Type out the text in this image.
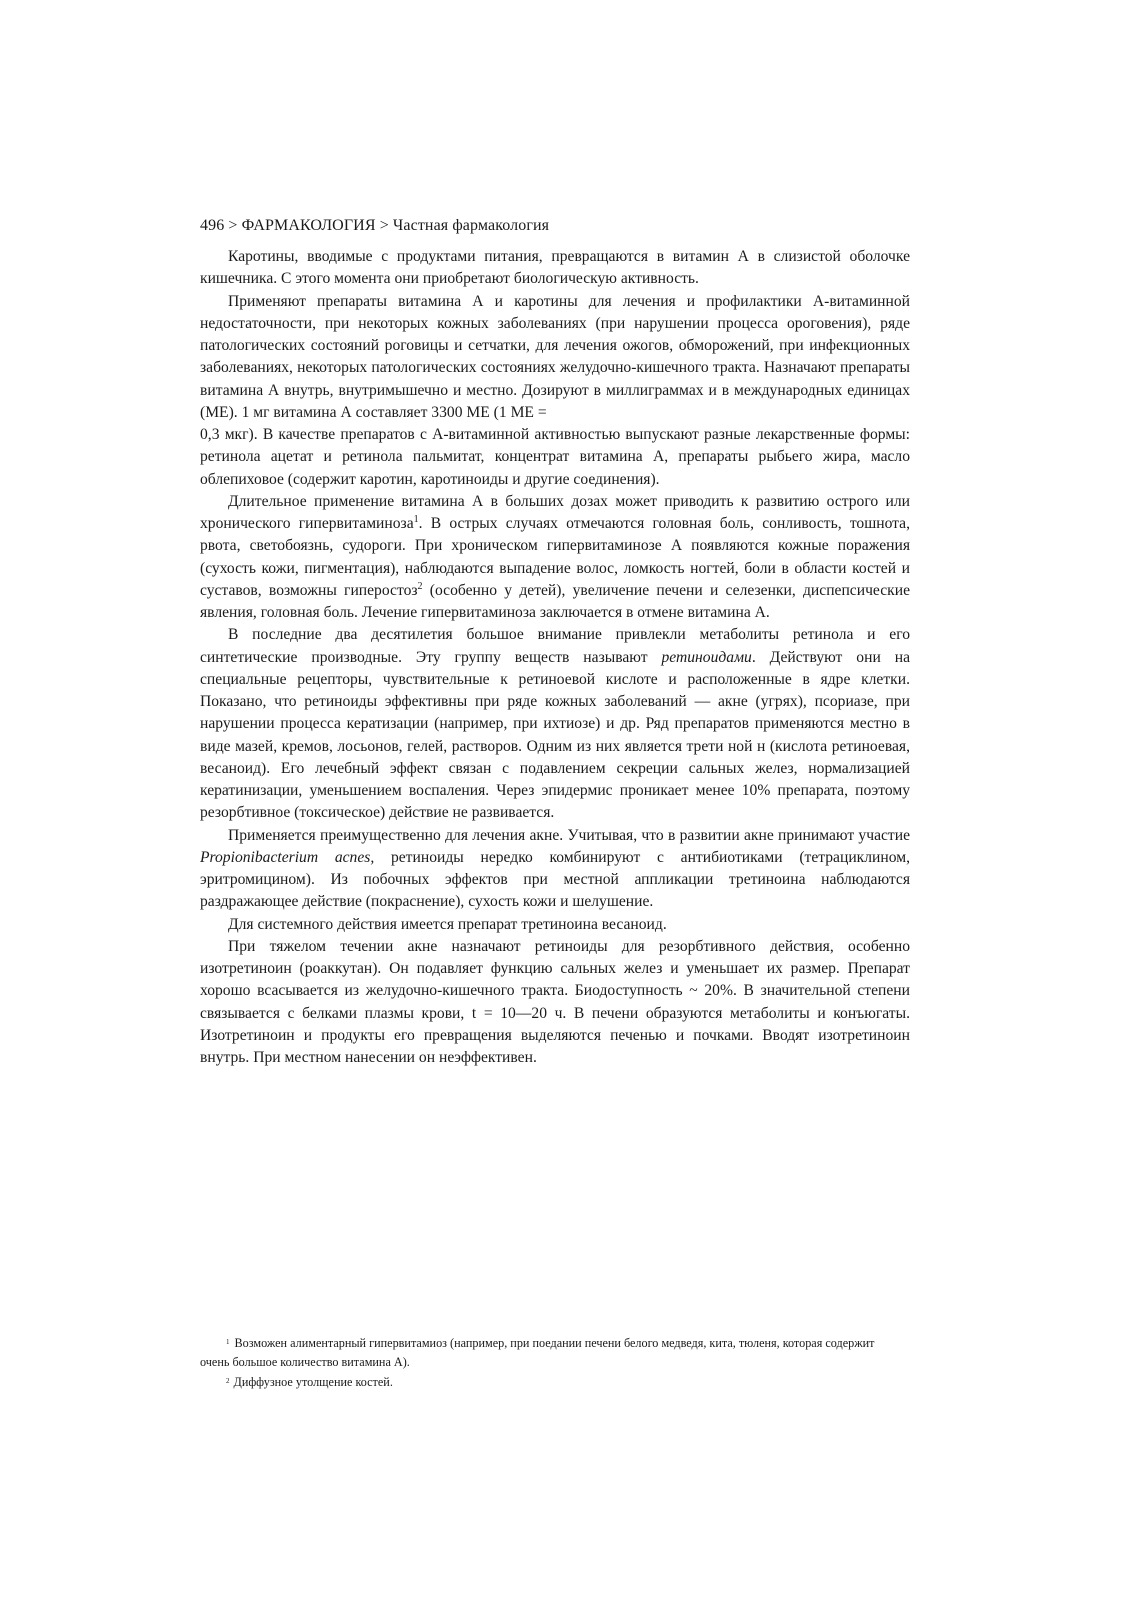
496 > ФАРМАКОЛОГИЯ > Частная фармакология

Каротины, вводимые с продуктами питания, превращаются в витамин А в слизистой оболочке кишечника. С этого момента они приобретают биологическую активность.

Применяют препараты витамина А и каротины для лечения и профилактики А-витаминной недостаточности, при некоторых кожных заболеваниях (при нарушении процесса ороговения), ряде патологических состояний роговицы и сетчатки, для лечения ожогов, обморожений, при инфекционных заболеваниях, некоторых патологических состояниях желудочно-кишечного тракта. Назначают препараты витамина А внутрь, внутримышечно и местно. Дозируют в миллиграммах и в международных единицах (МЕ). 1 мг витамина А составляет 3300 МЕ (1 МЕ =

0,3 мкг). В качестве препаратов с А-витаминной активностью выпускают разные лекарственные формы: ретинола ацетат и ретинола пальмитат, концентрат витамина А, препараты рыбьего жира, масло облепиховое (содержит каротин, каротиноиды и другие соединения).

Длительное применение витамина А в больших дозах может приводить к развитию острого или хронического гипервитаминоза$^1$. В острых случаях отмечаются головная боль, сонливость, тошнота, рвота, светобоязнь, судороги. При хроническом гипервитаминозе А появляются кожные поражения (сухость кожи, пигментация), наблюдаются выпадение волос, ломкость ногтей, боли в области костей и суставов, возможны гиперостоз$^2$ (особенно у детей), увеличение печени и селезенки, диспепсические явления, головная боль. Лечение гипервитаминоза заключается в отмене витамина А.

В последние два десятилетия большое внимание привлекли метаболиты ретинола и его синтетические производные. Эту группу веществ называют ретиноидами. Действуют они на специальные рецепторы, чувствительные к ретиноевой кислоте и расположенные в ядре клетки. Показано, что ретиноиды эффективны при ряде кожных заболеваний — акне (угрях), псориазе, при нарушении процесса кератизации (например, при ихтиозе) и др. Ряд препаратов применяются местно в виде мазей, кремов, лосьонов, гелей, растворов. Одним из них является трети ной н (кислота ретиноевая, весаноид). Его лечебный эффект связан с подавлением секреции сальных желез, нормализацией кератинизации, уменьшением воспаления. Через эпидермис проникает менее 10% препарата, поэтому резорбтивное (токсическое) действие не развивается.

Применяется преимущественно для лечения акне. Учитывая, что в развитии акне принимают участие Propionibacterium acnes, ретиноиды нередко комбинируют с антибиотиками (тетрациклином, эритромицином). Из побочных эффектов при местной аппликации третиноина наблюдаются раздражающее действие (покраснение), сухость кожи и шелушение.

Для системного действия имеется препарат третиноина весаноид.

При тяжелом течении акне назначают ретиноиды для резорбтивного действия, особенно изотретиноин (роаккутан). Он подавляет функцию сальных желез и уменьшает их размер. Препарат хорошо всасывается из желудочно-кишечного тракта. Биодоступность ~ 20%. В значительной степени связывается с белками плазмы крови, t = 10—20 ч. В печени образуются метаболиты и конъюгаты. Изотретиноин и продукты его превращения выделяются печенью и почками. Вводят изотретиноин внутрь. При местном нанесении он неэффективен.

$^1$ Возможен алиментарный гипервитамиоз (например, при поедании печени белого медведя, кита, тюленя, которая содержит очень большое количество витамина А).

$^2$ Диффузное утолщение костей.
